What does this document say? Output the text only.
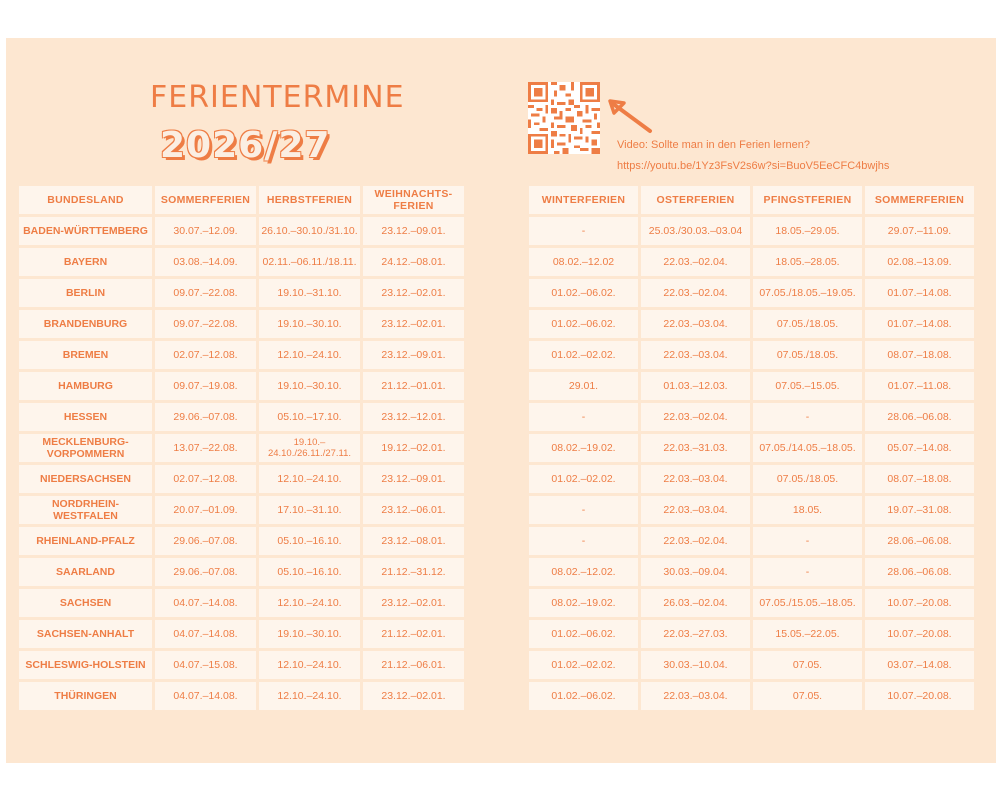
FERIENTERMINE
2026/27	Video: Sollte man in den Ferien lernen?
https://youtu.be/1Yz3FsV2s6w?si=BuoV5EeCFC4bwjhs
BUNDESLAND	SOMMERFERIEN	HERBSTFERIEN	WEIHNACHTS-
FERIEN
BADEN-WÜRTTEMBERG	30.07.–12.09.	26.10.–30.10./31.10.	23.12.–09.01.
BAYERN	03.08.–14.09.	02.11.–06.11./18.11.	24.12.–08.01.
BERLIN	09.07.–22.08.	19.10.–31.10.	23.12.–02.01.
BRANDENBURG	09.07.–22.08.	19.10.–30.10.	23.12.–02.01.
BREMEN	02.07.–12.08.	12.10.–24.10.	23.12.–09.01.
HAMBURG	09.07.–19.08.	19.10.–30.10.	21.12.–01.01.
HESSEN	29.06.–07.08.	05.10.–17.10.	23.12.–12.01.
MECKLENBURG-
VORPOMMERN	13.07.–22.08.	19.10.–
24.10./26.11./27.11.	19.12.–02.01.
NIEDERSACHSEN	02.07.–12.08.	12.10.–24.10.	23.12.–09.01.
NORDRHEIN-
WESTFALEN	20.07.–01.09.	17.10.–31.10.	23.12.–06.01.
RHEINLAND-PFALZ	29.06.–07.08.	05.10.–16.10.	23.12.–08.01.
SAARLAND	29.06.–07.08.	05.10.–16.10.	21.12.–31.12.
SACHSEN	04.07.–14.08.	12.10.–24.10.	23.12.–02.01.
SACHSEN-ANHALT	04.07.–14.08.	19.10.–30.10.	21.12.–02.01.
SCHLESWIG-HOLSTEIN	04.07.–15.08.	12.10.–24.10.	21.12.–06.01.
THÜRINGEN	04.07.–14.08.	12.10.–24.10.	23.12.–02.01.
WINTERFERIEN	OSTERFERIEN	PFINGSTFERIEN	SOMMERFERIEN
-	25.03./30.03.–03.04	18.05.–29.05.	29.07.–11.09.
08.02.–12.02	22.03.–02.04.	18.05.–28.05.	02.08.–13.09.
01.02.–06.02.	22.03.–02.04.	07.05./18.05.–19.05.	01.07.–14.08.
01.02.–06.02.	22.03.–03.04.	07.05./18.05.	01.07.–14.08.
01.02.–02.02.	22.03.–03.04.	07.05./18.05.	08.07.–18.08.
29.01.	01.03.–12.03.	07.05.–15.05.	01.07.–11.08.
-	22.03.–02.04.	-	28.06.–06.08.
08.02.–19.02.	22.03.–31.03.	07.05./14.05.–18.05.	05.07.–14.08.
01.02.–02.02.	22.03.–03.04.	07.05./18.05.	08.07.–18.08.
-	22.03.–03.04.	18.05.	19.07.–31.08.
-	22.03.–02.04.	-	28.06.–06.08.
08.02.–12.02.	30.03.–09.04.	-	28.06.–06.08.
08.02.–19.02.	26.03.–02.04.	07.05./15.05.–18.05.	10.07.–20.08.
01.02.–06.02.	22.03.–27.03.	15.05.–22.05.	10.07.–20.08.
01.02.–02.02.	30.03.–10.04.	07.05.	03.07.–14.08.
01.02.–06.02.	22.03.–03.04.	07.05.	10.07.–20.08.
